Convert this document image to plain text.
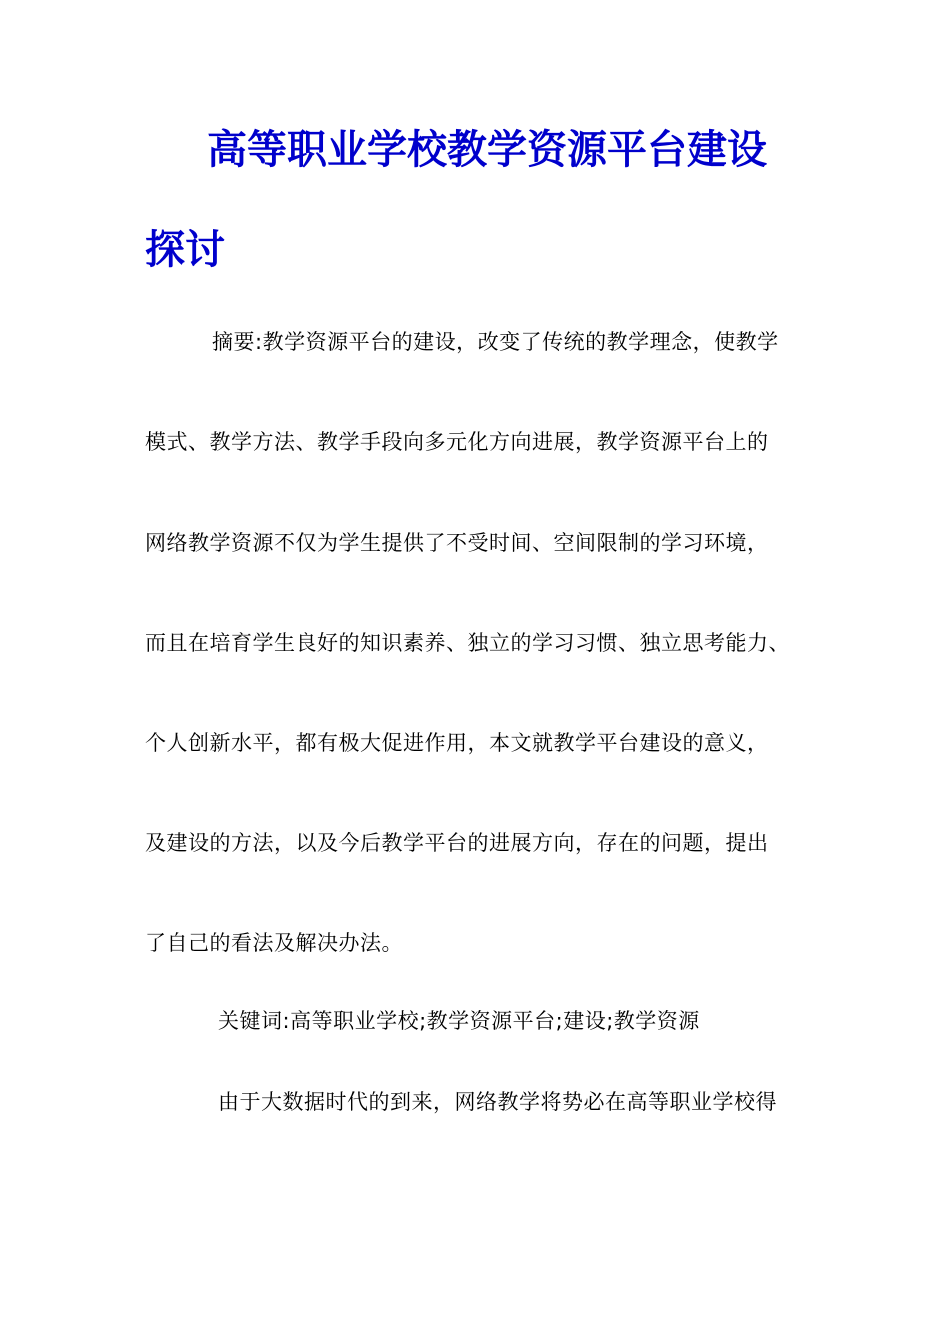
高等职业学校教学资源平台建设
探讨
摘要:教学资源平台的建设，改变了传统的教学理念，使教学
模式、教学方法、教学手段向多元化方向进展，教学资源平台上的
网络教学资源不仅为学生提供了不受时间、空间限制的学习环境，
而且在培育学生良好的知识素养、独立的学习习惯、独立思考能力、
个人创新水平，都有极大促进作用，本文就教学平台建设的意义，
及建设的方法，以及今后教学平台的进展方向，存在的问题，提出
了自己的看法及解决办法。
关键词:高等职业学校;教学资源平台;建设;教学资源
由于大数据时代的到来，网络教学将势必在高等职业学校得
